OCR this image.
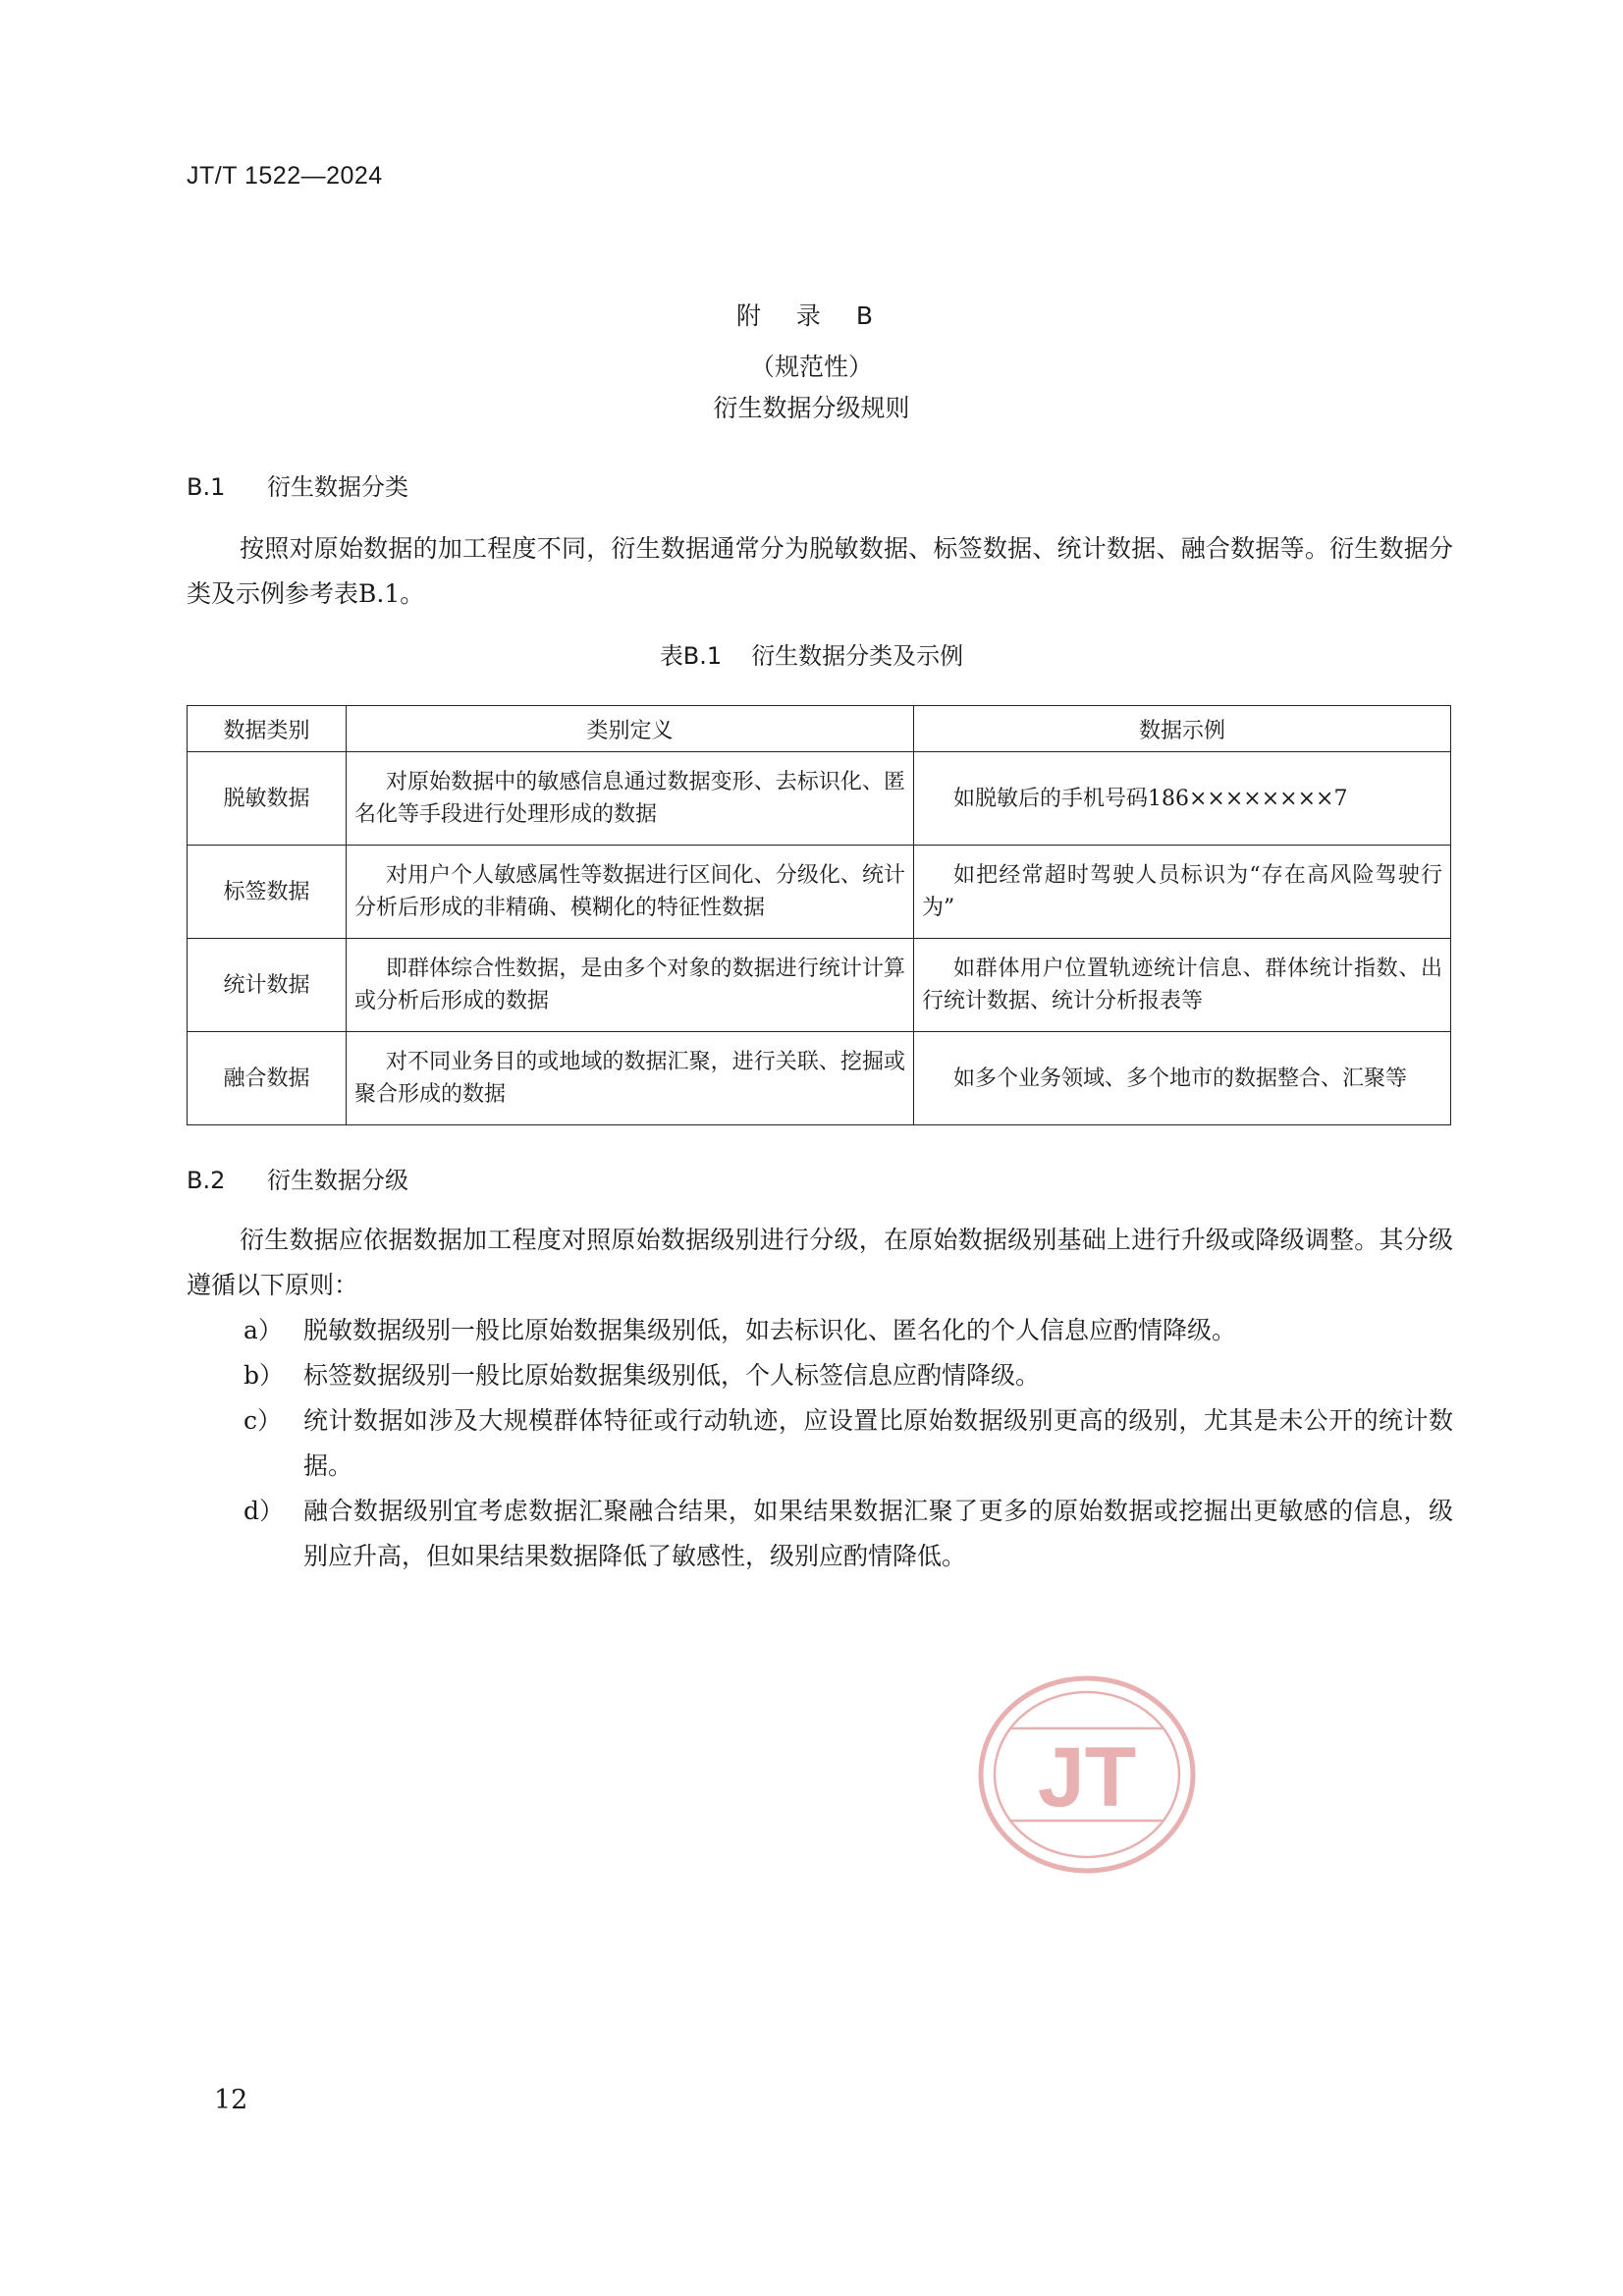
JT/T 1522—2024
附 录 B
（规范性）
衍生数据分级规则
B.1 衍生数据分类
按照对原始数据的加工程度不同，衍生数据通常分为脱敏数据、标签数据、统计数据、融合数据等。衍生数据分类及示例参考表B.1。
表B.1 衍生数据分类及示例
数据类别	类别定义	数据示例
脱敏数据	对原始数据中的敏感信息通过数据变形、去标识化、匿名化等手段进行处理形成的数据	如脱敏后的手机号码186××××××××7
标签数据	对用户个人敏感属性等数据进行区间化、分级化、统计分析后形成的非精确、模糊化的特征性数据	如把经常超时驾驶人员标识为“存在高风险驾驶行为”
统计数据	即群体综合性数据，是由多个对象的数据进行统计计算或分析后形成的数据	如群体用户位置轨迹统计信息、群体统计指数、出行统计数据、统计分析报表等
融合数据	对不同业务目的或地域的数据汇聚，进行关联、挖掘或聚合形成的数据	如多个业务领域、多个地市的数据整合、汇聚等
B.2 衍生数据分级
衍生数据应依据数据加工程度对照原始数据级别进行分级，在原始数据级别基础上进行升级或降级调整。其分级遵循以下原则：
a） 脱敏数据级别一般比原始数据集级别低，如去标识化、匿名化的个人信息应酌情降级。
b） 标签数据级别一般比原始数据集级别低，个人标签信息应酌情降级。
c） 统计数据如涉及大规模群体特征或行动轨迹，应设置比原始数据级别更高的级别，尤其是未公开的统计数据。
d） 融合数据级别宜考虑数据汇聚融合结果，如果结果数据汇聚了更多的原始数据或挖掘出更敏感的信息，级别应升高，但如果结果数据降低了敏感性，级别应酌情降低。
JT
12
